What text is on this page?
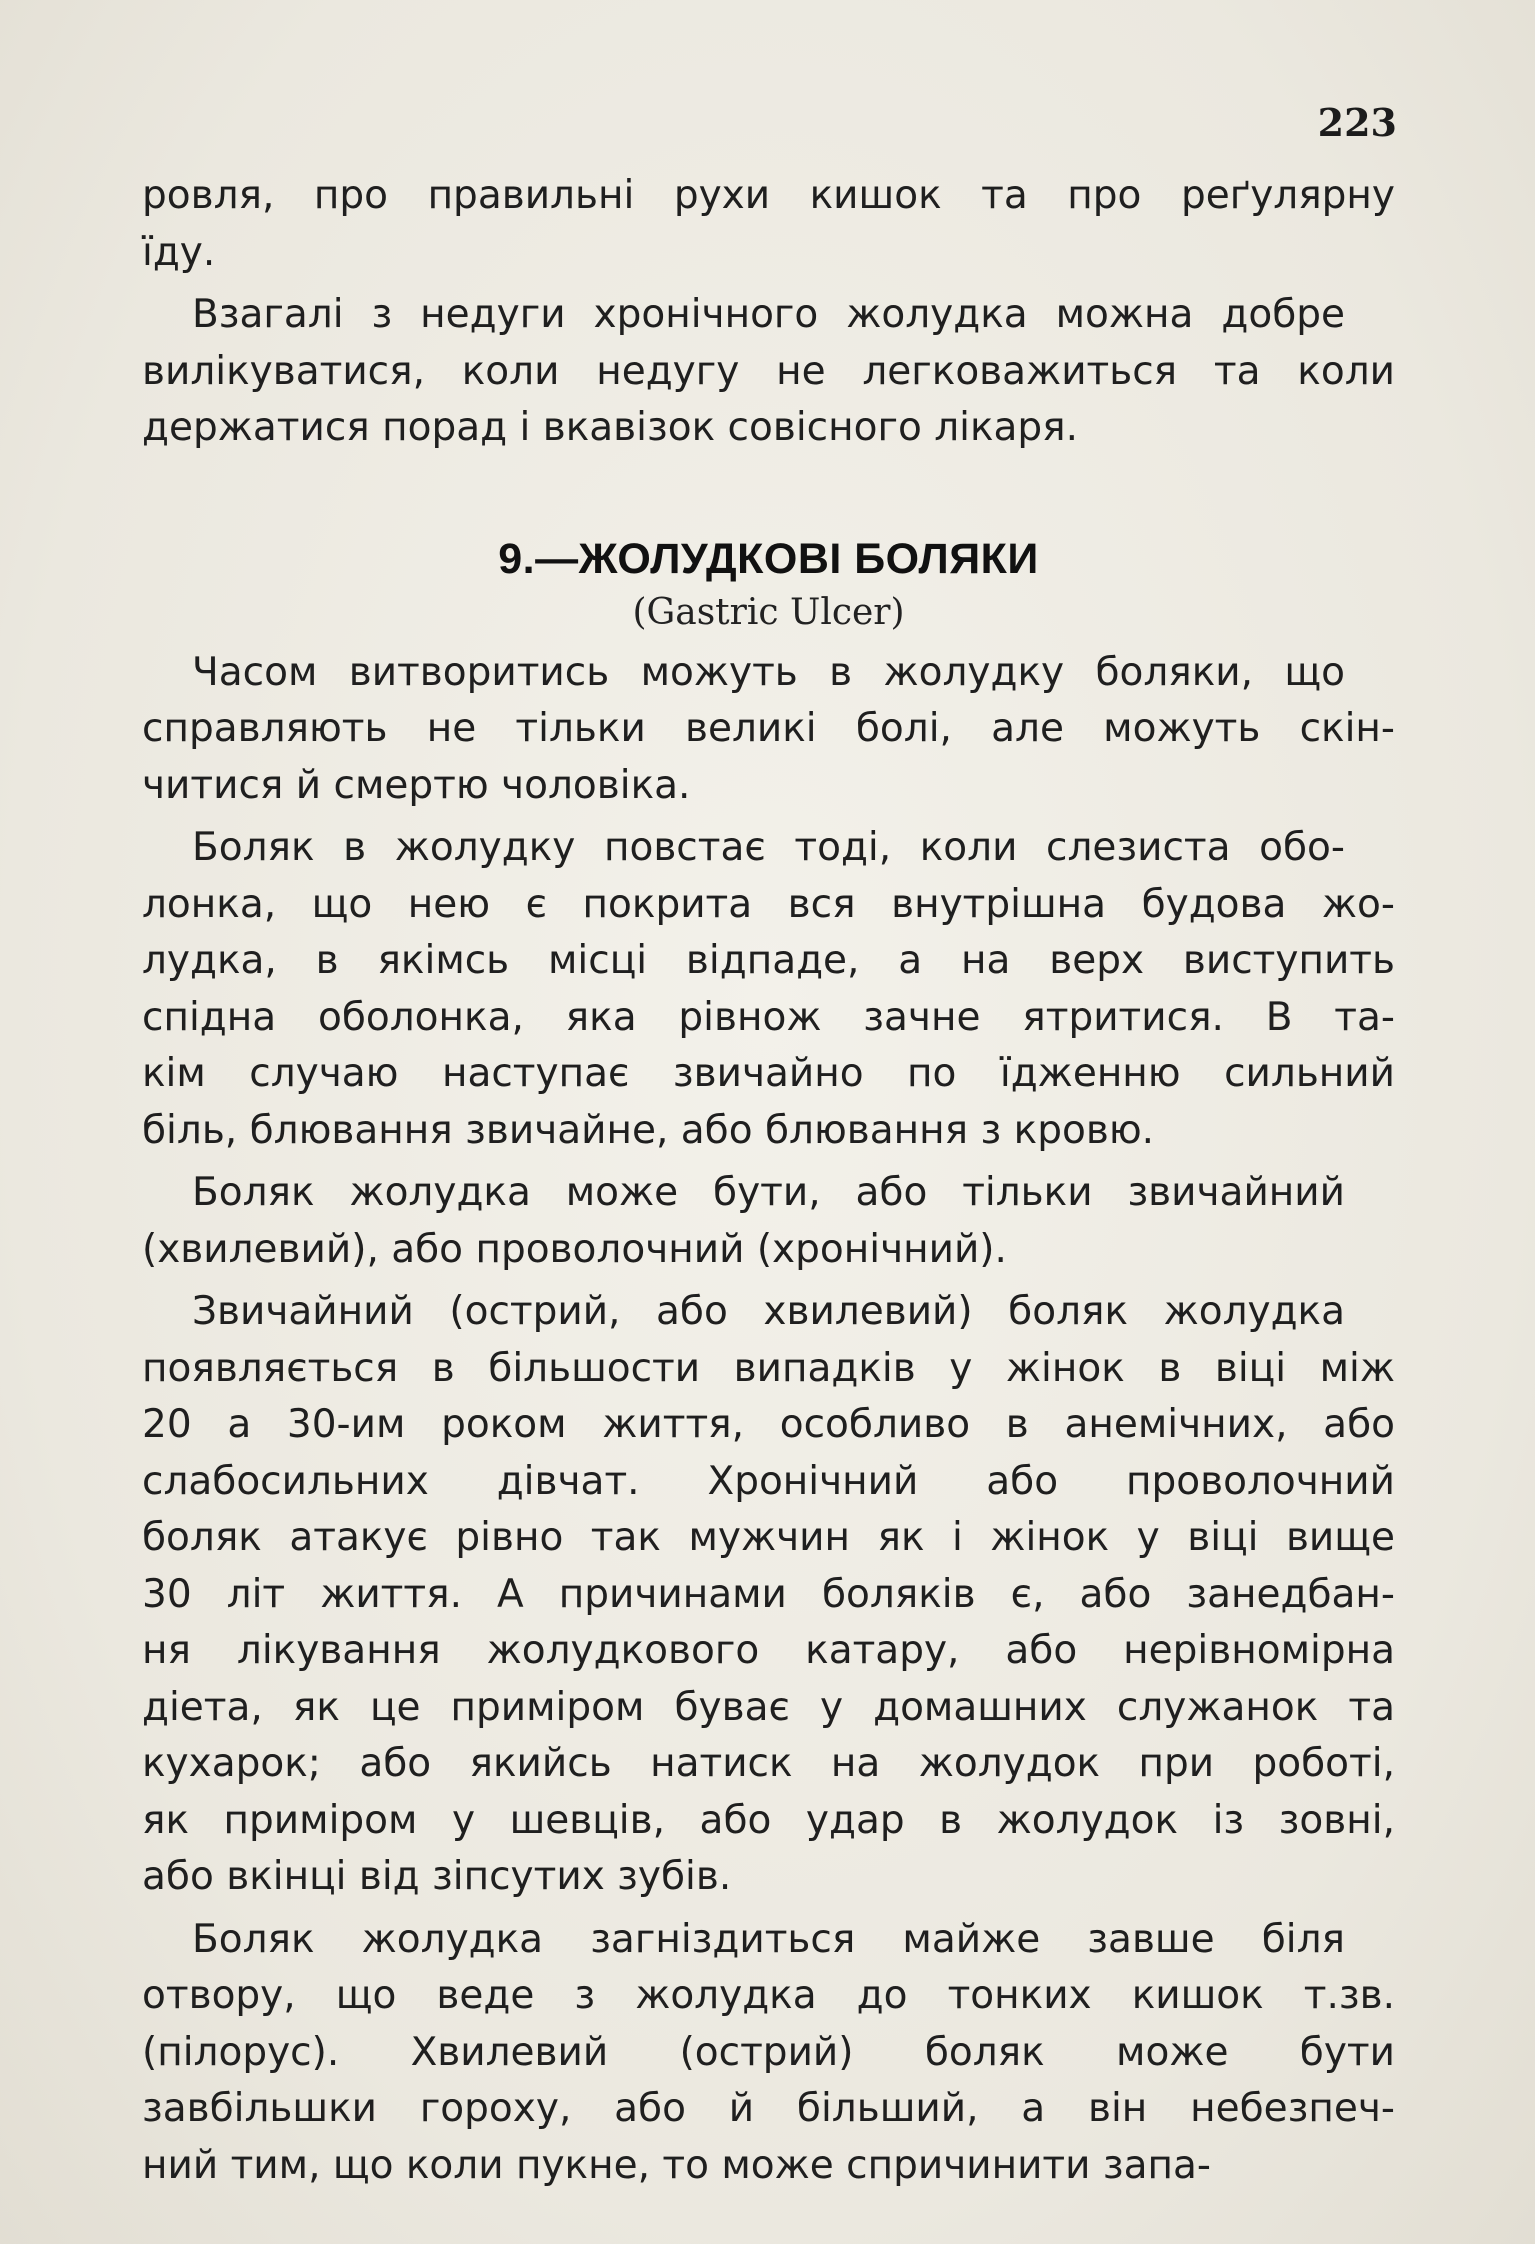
223

ровля, про правильні рухи кишок та про реґулярну
їду.

Взагалі з недуги хронічного жолудка можна добре
вилікуватися, коли недугу не легковажиться та коли
держатися порад і вкавізок совісного лікаря.

9.—ЖОЛУДКОВІ БОЛЯКИ
(Gastric Ulcer)

Часом витворитись можуть в жолудку боляки, що
справляють не тільки великі болі, але можуть скін-
читися й смертю чоловіка.

Боляк в жолудку повстає тоді, коли слезиста обо-
лонка, що нею є покрита вся внутрішна будова жо-
лудка, в якімсь місці відпаде, а на верх виступить
спідна оболонка, яка рівнож зачне ятритися. В та-
кім случаю наступає звичайно по їдженню сильний
біль, блювання звичайне, або блювання з кровю.

Боляк жолудка може бути, або тільки звичайний
(хвилевий), або проволочний (хронічний).

Звичайний (острий, або хвилевий) боляк жолудка
появляється в більшости випадків у жінок в віці між
20 а 30-им роком життя, особливо в анемічних, або
слабосильних дівчат. Хронічний або проволочний
боляк атакує рівно так мужчин як і жінок у віці вище
30 літ життя. А причинами боляків є, або занедбан-
ня лікування жолудкового катару, або нерівномірна
діета, як це приміром буває у домашних служанок та
кухарок; або якийсь натиск на жолудок при роботі,
як приміром у шевців, або удар в жолудок із зовні,
або вкінці від зіпсутих зубів.

Боляк жолудка загніздиться майже завше біля
отвору, що веде з жолудка до тонких кишок т.зв.
(пілорус). Хвилевий (острий) боляк може бути
завбільшки гороху, або й більший, а він небезпеч-
ний тим, що коли пукне, то може спричинити запа-
